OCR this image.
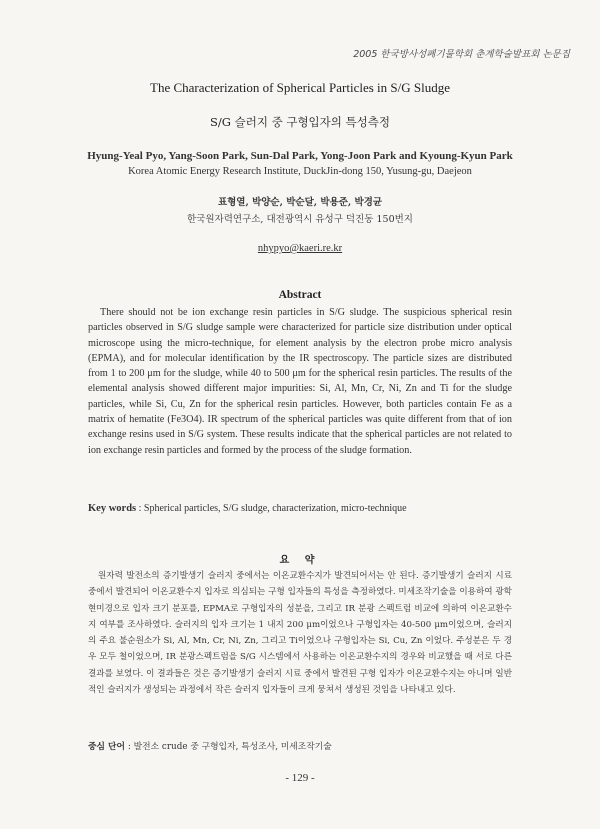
2005 한국방사성폐기물학회 춘계학술발표회 논문집
The Characterization of Spherical Particles in S/G Sludge
S/G 슬러지 중 구형입자의 특성측정
Hyung-Yeal Pyo, Yang-Soon Park, Sun-Dal Park, Yong-Joon Park and Kyoung-Kyun Park
Korea Atomic Energy Research Institute, DuckJin-dong 150, Yusung-gu, Daejeon
표형열, 박양순, 박순달, 박용준, 박경균
한국원자력연구소, 대전광역시 유성구 덕진동 150번지
nhypyo@kaeri.re.kr
Abstract
There should not be ion exchange resin particles in S/G sludge. The suspicious spherical resin particles observed in S/G sludge sample were characterized for particle size distribution under optical microscope using the micro-technique, for element analysis by the electron probe micro analysis (EPMA), and for molecular identification by the IR spectroscopy. The particle sizes are distributed from 1 to 200 μm for the sludge, while 40 to 500 μm for the spherical resin particles. The results of the elemental analysis showed different major impurities: Si, Al, Mn, Cr, Ni, Zn and Ti for the sludge particles, while Si, Cu, Zn for the spherical resin particles. However, both particles contain Fe as a matrix of hematite (Fe3O4). IR spectrum of the spherical particles was quite different from that of ion exchange resins used in S/G system. These results indicate that the spherical particles are not related to ion exchange resin particles and formed by the process of the sludge formation.
Key words : Spherical particles, S/G sludge, characterization, micro-technique
요 약
원자력 발전소의 증기발생기 슬러지 중에서는 이온교환수지가 발견되어서는 안 된다. 증기발생기 슬러지 시료 중에서 발견되어 이온교환수지 입자로 의심되는 구형 입자들의 특성을 측정하였다. 미세조작기술을 이용하여 광학현미경으로 입자 크기 분포를, EPMA로 구형입자의 성분을, 그리고 IR 분광 스펙트럼 비교에 의하여 이온교환수지 여부를 조사하였다. 슬러지의 입자 크기는 1 내지 200 μm이었으나 구형입자는 40-500 μm이었으며, 슬러지의 주요 불순원소가 Si, Al, Mn, Cr, Ni, Zn, 그리고 Ti이었으나 구형입자는 Si, Cu, Zn 이었다. 주성분은 두 경우 모두 철이었으며, IR 분광스펙트럼을 S/G 시스템에서 사용하는 이온교환수지의 경우와 비교했을 때 서로 다른 결과를 보였다. 이 결과들은 것은 증기발생기 슬러지 시료 중에서 발견된 구형 입자가 이온교환수지는 아니며 일반적인 슬러지가 생성되는 과정에서 작은 슬러지 입자들이 크게 뭉쳐서 생성된 것임을 나타내고 있다.
중심 단어 : 발전소 crude 중 구형입자, 특성조사, 미세조작기술
- 129 -
